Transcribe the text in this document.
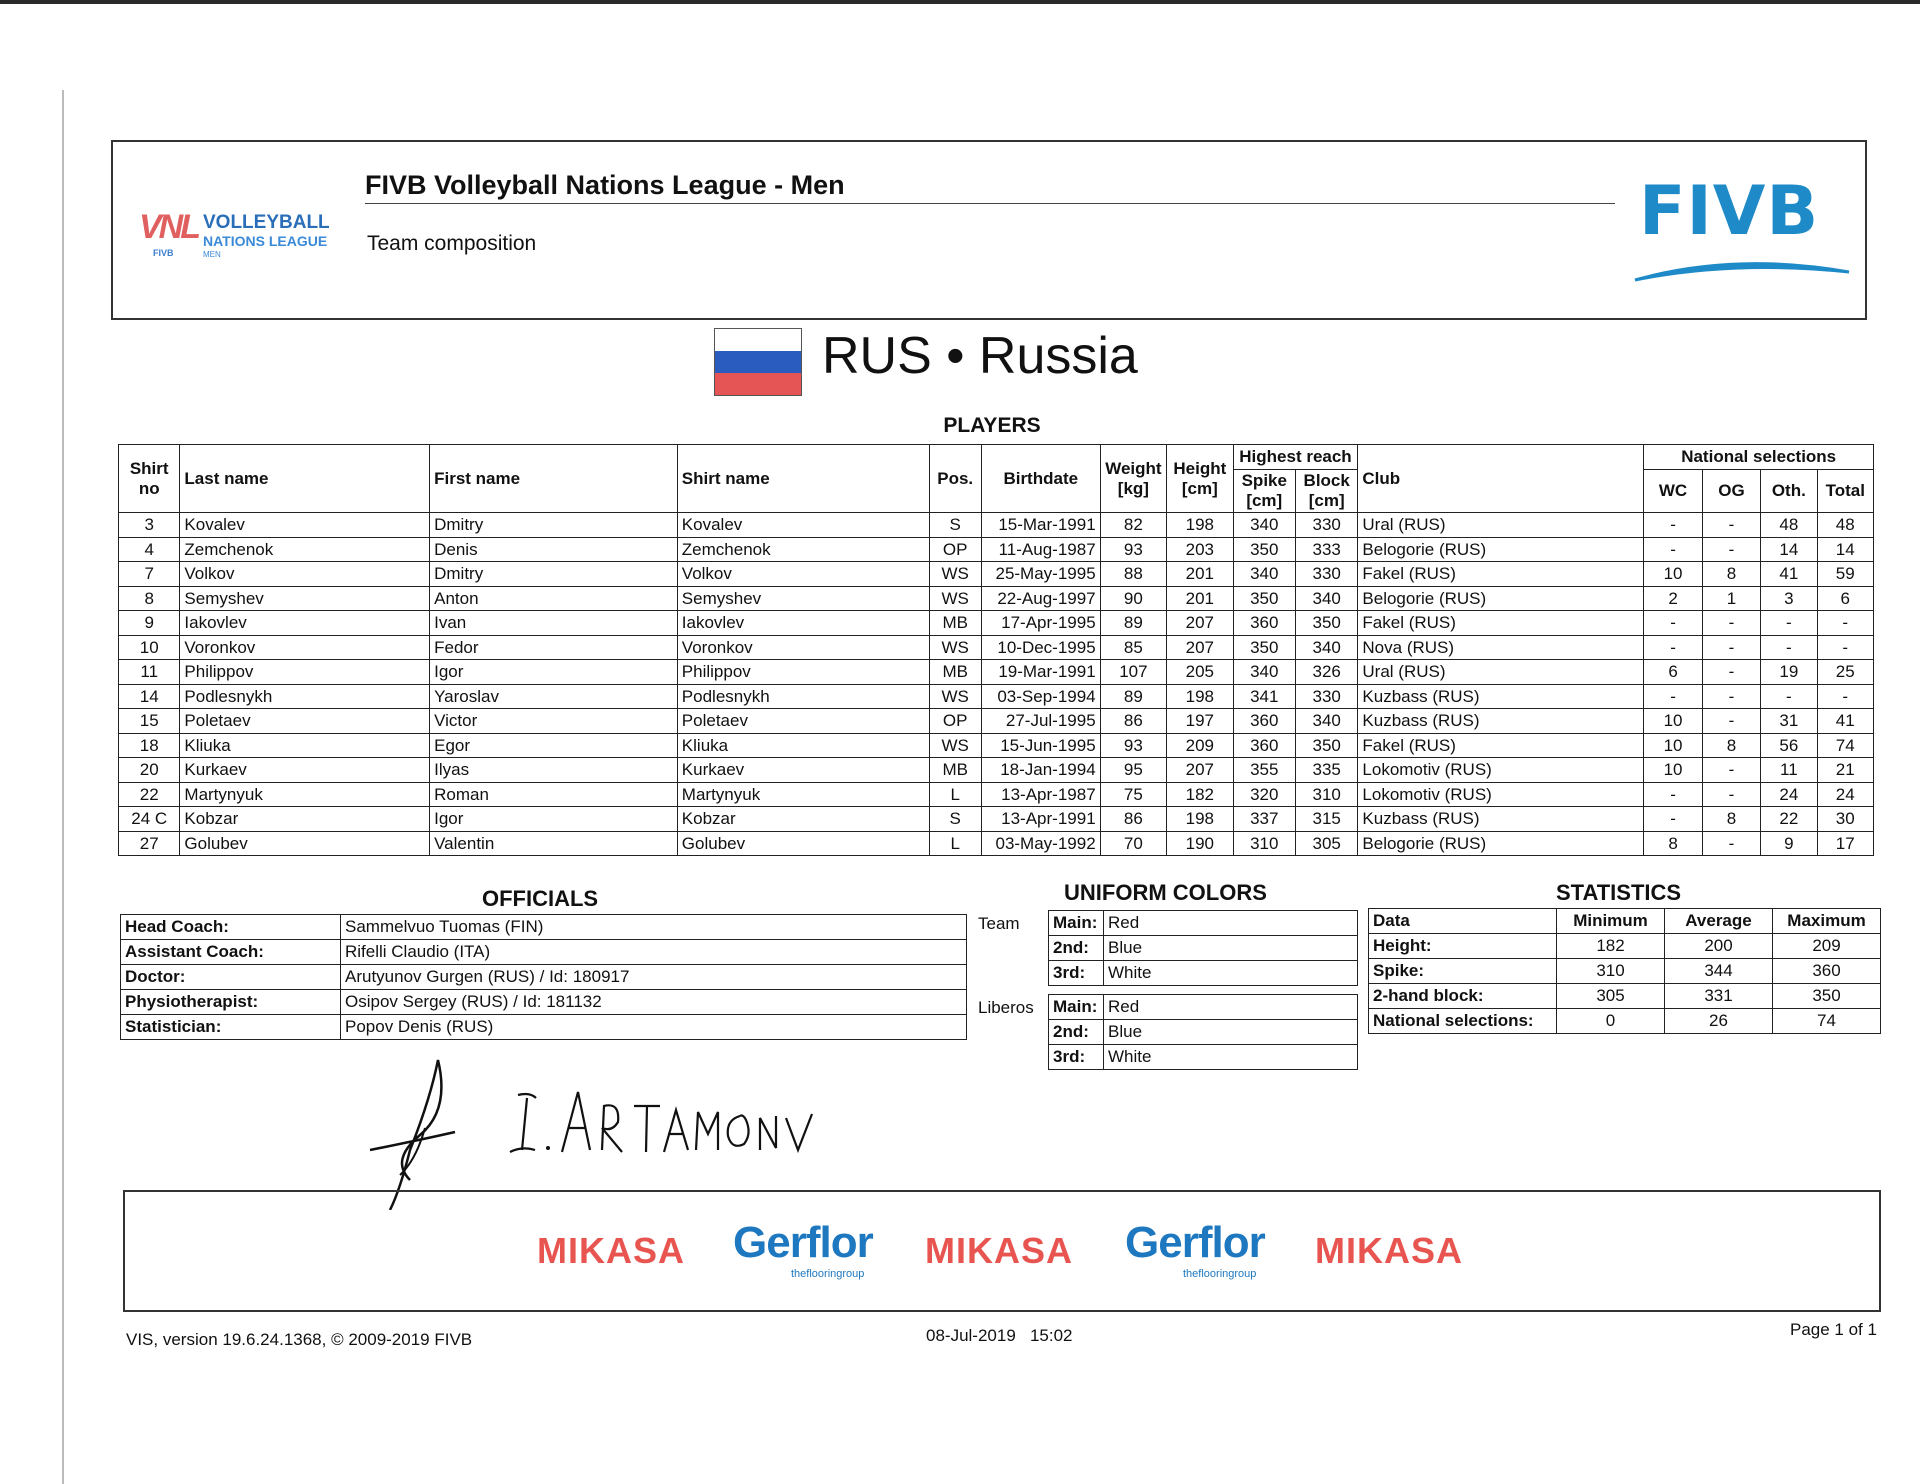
VNL
FIVB
VOLLEYBALL
NATIONS LEAGUE
MEN
FIVB Volleyball Nations League - Men
Team composition	FIVB
RUS • Russia
PLAYERS
Shirt no	Last name	First name	Shirt name	Pos.	Birthdate	Weight [kg]	Height [cm]	Highest reach		Club	National selections			
								Spike [cm]	Block [cm]		WC	OG	Oth.	Total
3	Kovalev	Dmitry	Kovalev	S	15-Mar-1991	82	198	340	330	Ural (RUS)	-	-	48	48
4	Zemchenok	Denis	Zemchenok	OP	11-Aug-1987	93	203	350	333	Belogorie (RUS)	-	-	14	14
7	Volkov	Dmitry	Volkov	WS	25-May-1995	88	201	340	330	Fakel (RUS)	10	8	41	59
8	Semyshev	Anton	Semyshev	WS	22-Aug-1997	90	201	350	340	Belogorie (RUS)	2	1	3	6
9	Iakovlev	Ivan	Iakovlev	MB	17-Apr-1995	89	207	360	350	Fakel (RUS)	-	-	-	-
10	Voronkov	Fedor	Voronkov	WS	10-Dec-1995	85	207	350	340	Nova (RUS)	-	-	-	-
11	Philippov	Igor	Philippov	MB	19-Mar-1991	107	205	340	326	Ural (RUS)	6	-	19	25
14	Podlesnykh	Yaroslav	Podlesnykh	WS	03-Sep-1994	89	198	341	330	Kuzbass (RUS)	-	-	-	-
15	Poletaev	Victor	Poletaev	OP	27-Jul-1995	86	197	360	340	Kuzbass (RUS)	10	-	31	41
18	Kliuka	Egor	Kliuka	WS	15-Jun-1995	93	209	360	350	Fakel (RUS)	10	8	56	74
20	Kurkaev	Ilyas	Kurkaev	MB	18-Jan-1994	95	207	355	335	Lokomotiv (RUS)	10	-	11	21
22	Martynyuk	Roman	Martynyuk	L	13-Apr-1987	75	182	320	310	Lokomotiv (RUS)	-	-	24	24
24 C	Kobzar	Igor	Kobzar	S	13-Apr-1991	86	198	337	315	Kuzbass (RUS)	-	8	22	30
27	Golubev	Valentin	Golubev	L	03-May-1992	70	190	310	305	Belogorie (RUS)	8	-	9	17
OFFICIALS
Head Coach:	Sammelvuo Tuomas (FIN)
Assistant Coach:	Rifelli Claudio (ITA)
Doctor:	Arutyunov Gurgen (RUS) / Id: 180917
Physiotherapist:	Osipov Sergey (RUS) / Id: 181132
Statistician:	Popov Denis (RUS)
UNIFORM COLORS
Team Main:	Red
2nd:	Blue
3rd:	White
Liberos Main:	Red
2nd:	Blue
3rd:	White
STATISTICS
Data	Minimum	Average	Maximum
Height:	182	200	209
Spike:	310	344	360
2-hand block:	305	331	350
National selections:	0	26	74
MIKASA Gerflor
theflooringroup
MIKASA Gerflor
theflooringroup
MIKASA
VIS, version 19.6.24.1368, © 2009-2019 FIVB	08-Jul-2019   15:02	Page 1 of 1
